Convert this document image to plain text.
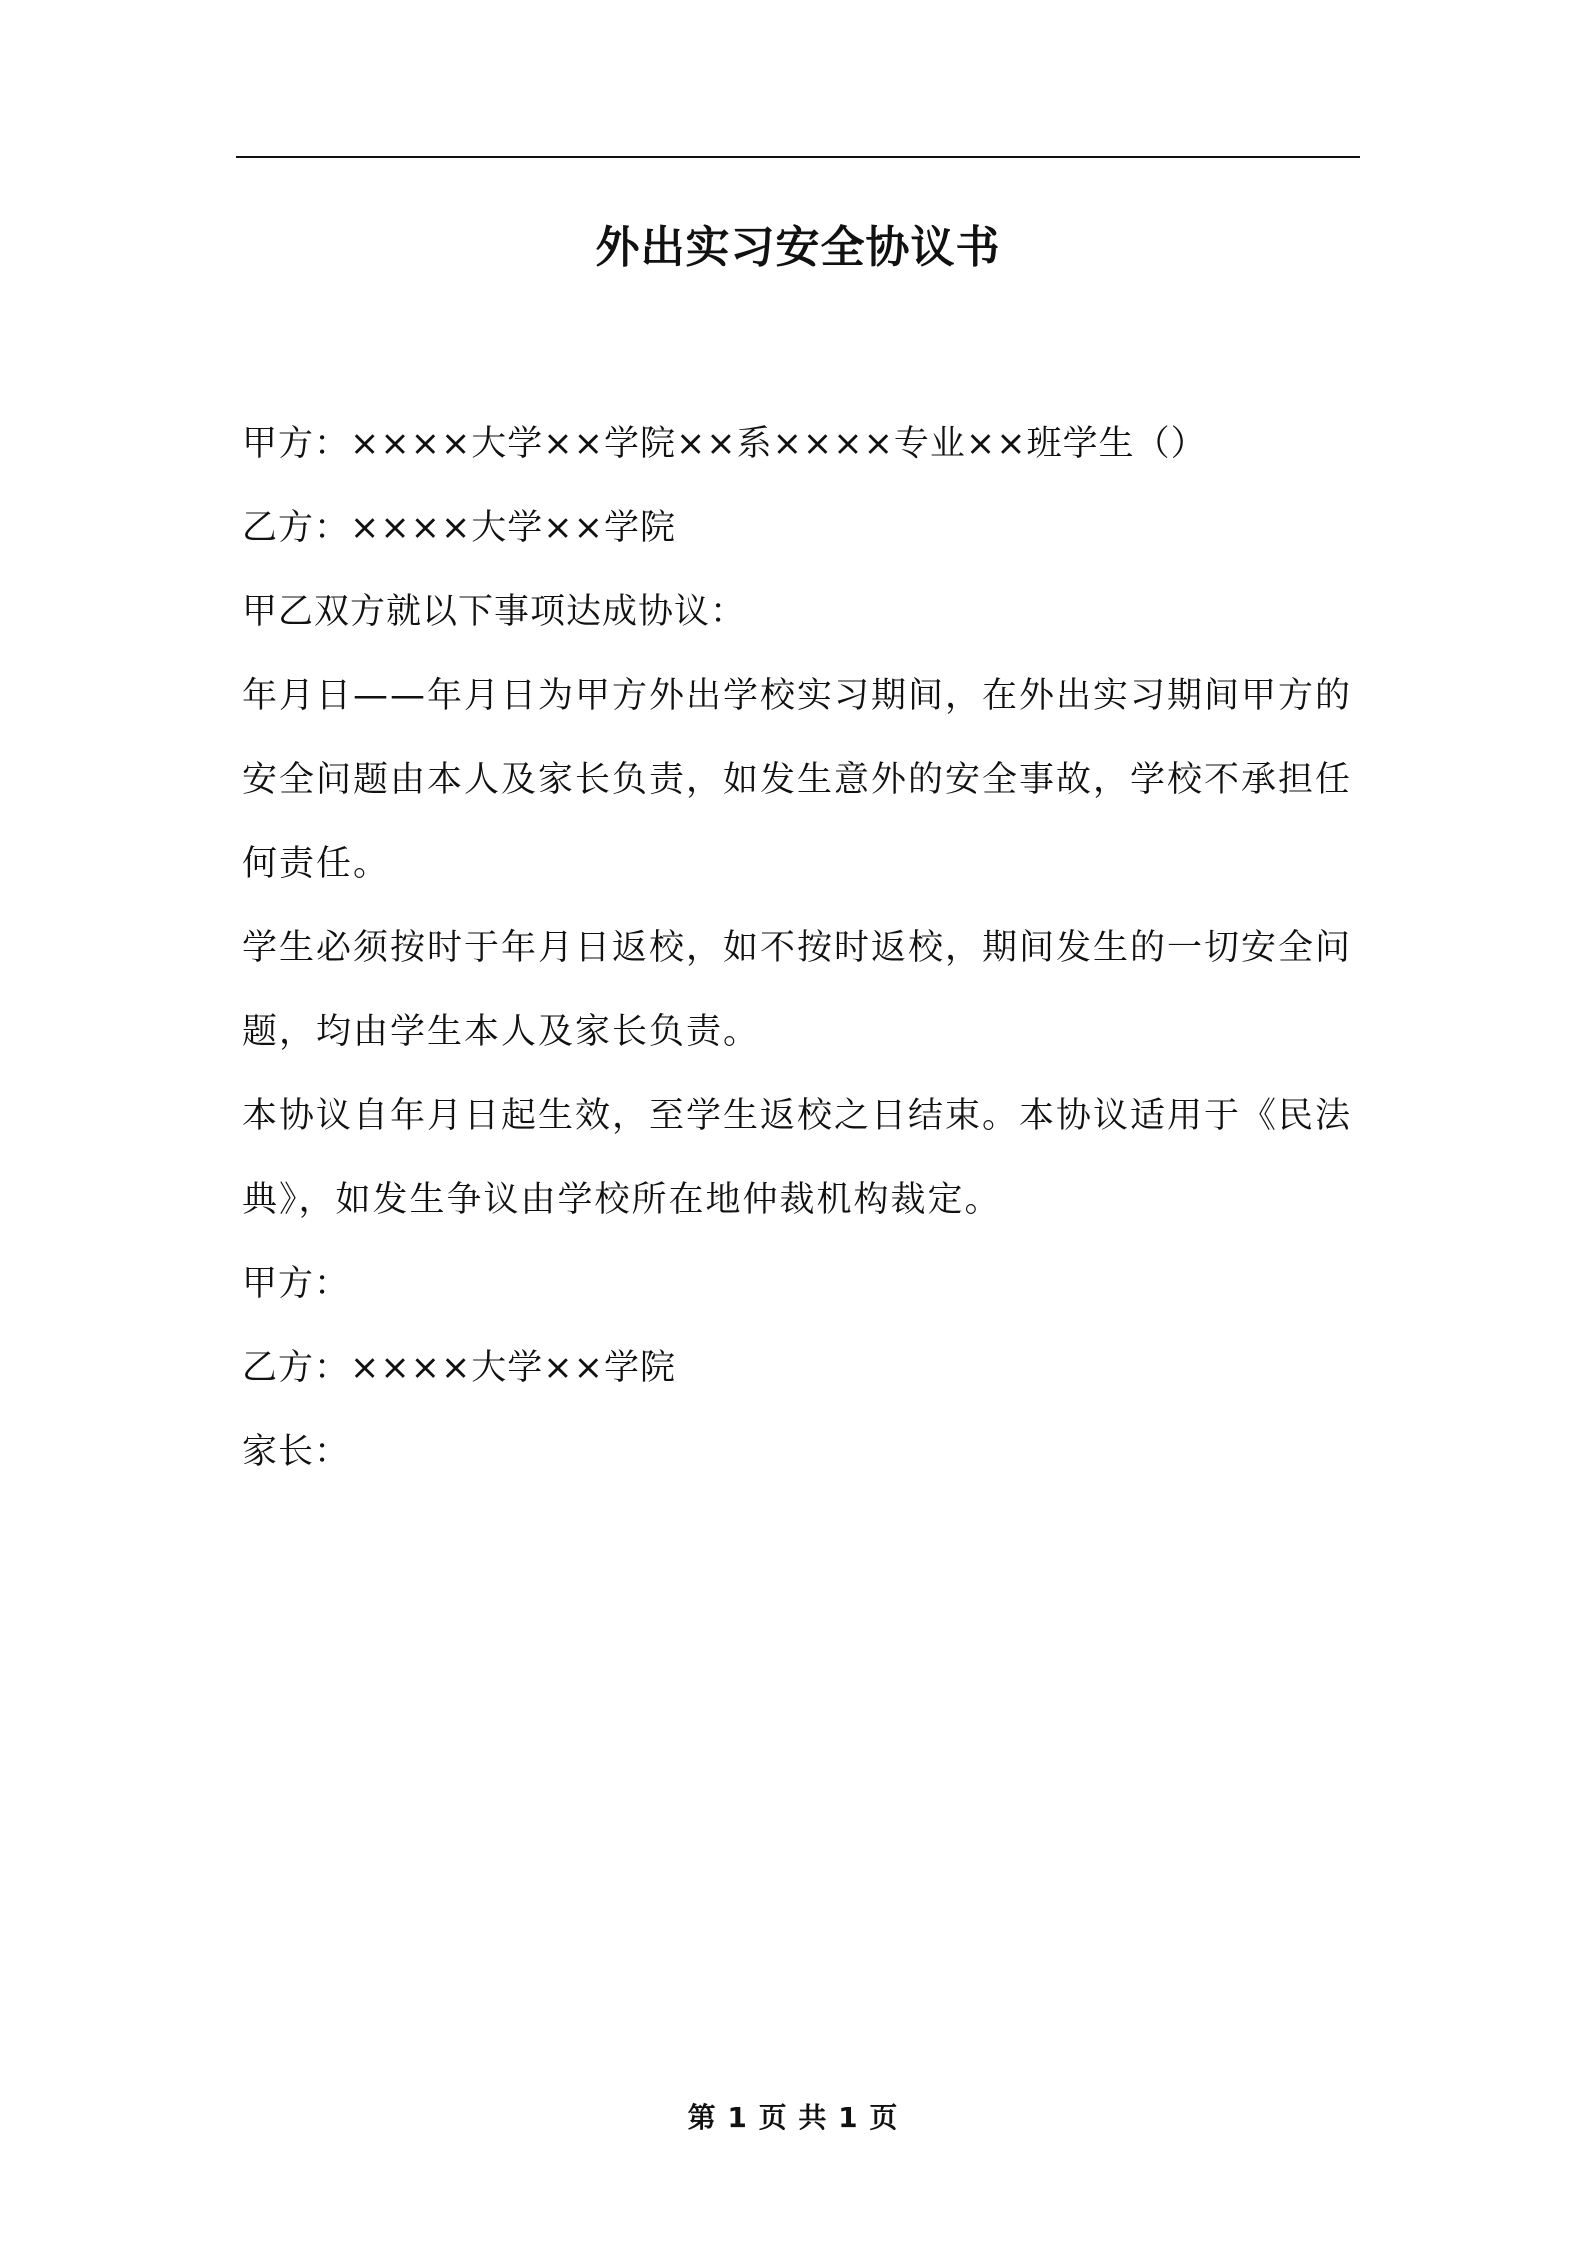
外出实习安全协议书

甲方：××××大学××学院××系××××专业××班学生（）

乙方：××××大学××学院

甲乙双方就以下事项达成协议：

年月日——年月日为甲方外出学校实习期间，在外出实习期间甲方的安全问题由本人及家长负责，如发生意外的安全事故，学校不承担任何责任。

学生必须按时于年月日返校，如不按时返校，期间发生的一切安全问题，均由学生本人及家长负责。

本协议自年月日起生效，至学生返校之日结束。本协议适用于《民法典》，如发生争议由学校所在地仲裁机构裁定。

甲方：

乙方：××××大学××学院

家长：

第 1 页 共 1 页
